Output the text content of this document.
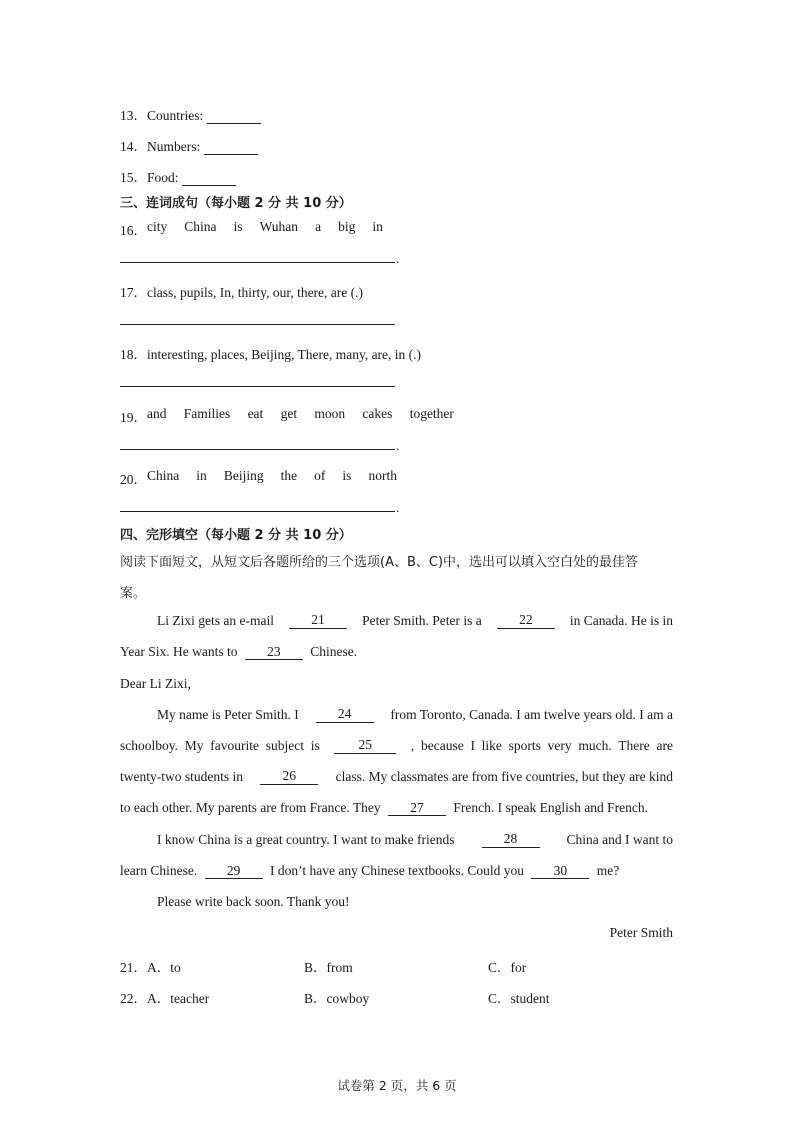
13．Countries:
14．Numbers:
15．Food:
三、连词成句（每小题 2 分 共 10 分）
16． city China is Wuhan a big in
.
17．class, pupils, In, thirty, our, there, are (.)
18．interesting, places, Beijing, There, many, are, in (.)
19． and Families eat get moon cakes together
.
20． China in Beijing the of is north
.
四、完形填空（每小题 2 分 共 10 分）
阅读下面短文，从短文后各题所给的三个选项(A、B、C)中，选出可以填入空白处的最佳答
案。
Li Zixi gets an e-mail	21	Peter Smith. Peter is a	22	in Canada. He is in
Year Six. He wants to 23 Chinese.
Dear Li Zixi,
My name is Peter Smith. I	24	from Toronto, Canada. I am twelve years old. I am a
schoolboy.  My  favourite  subject  is	25	,  because  I  like  sports  very  much.  There  are
twenty-two students in	26	class. My classmates are from five countries, but they are kind
to each other. My parents are from France. They 27 French. I speak English and French.
I know China is a great country. I want to make friends	28	China and I want to
learn Chinese. 29 I don’t have any Chinese textbooks. Could you 30 me?
Please write back soon. Thank you!
Peter Smith
21．A．to	B．from	C．for
22．A．teacher	B．cowboy	C．student
试卷第 2 页，共 6 页
